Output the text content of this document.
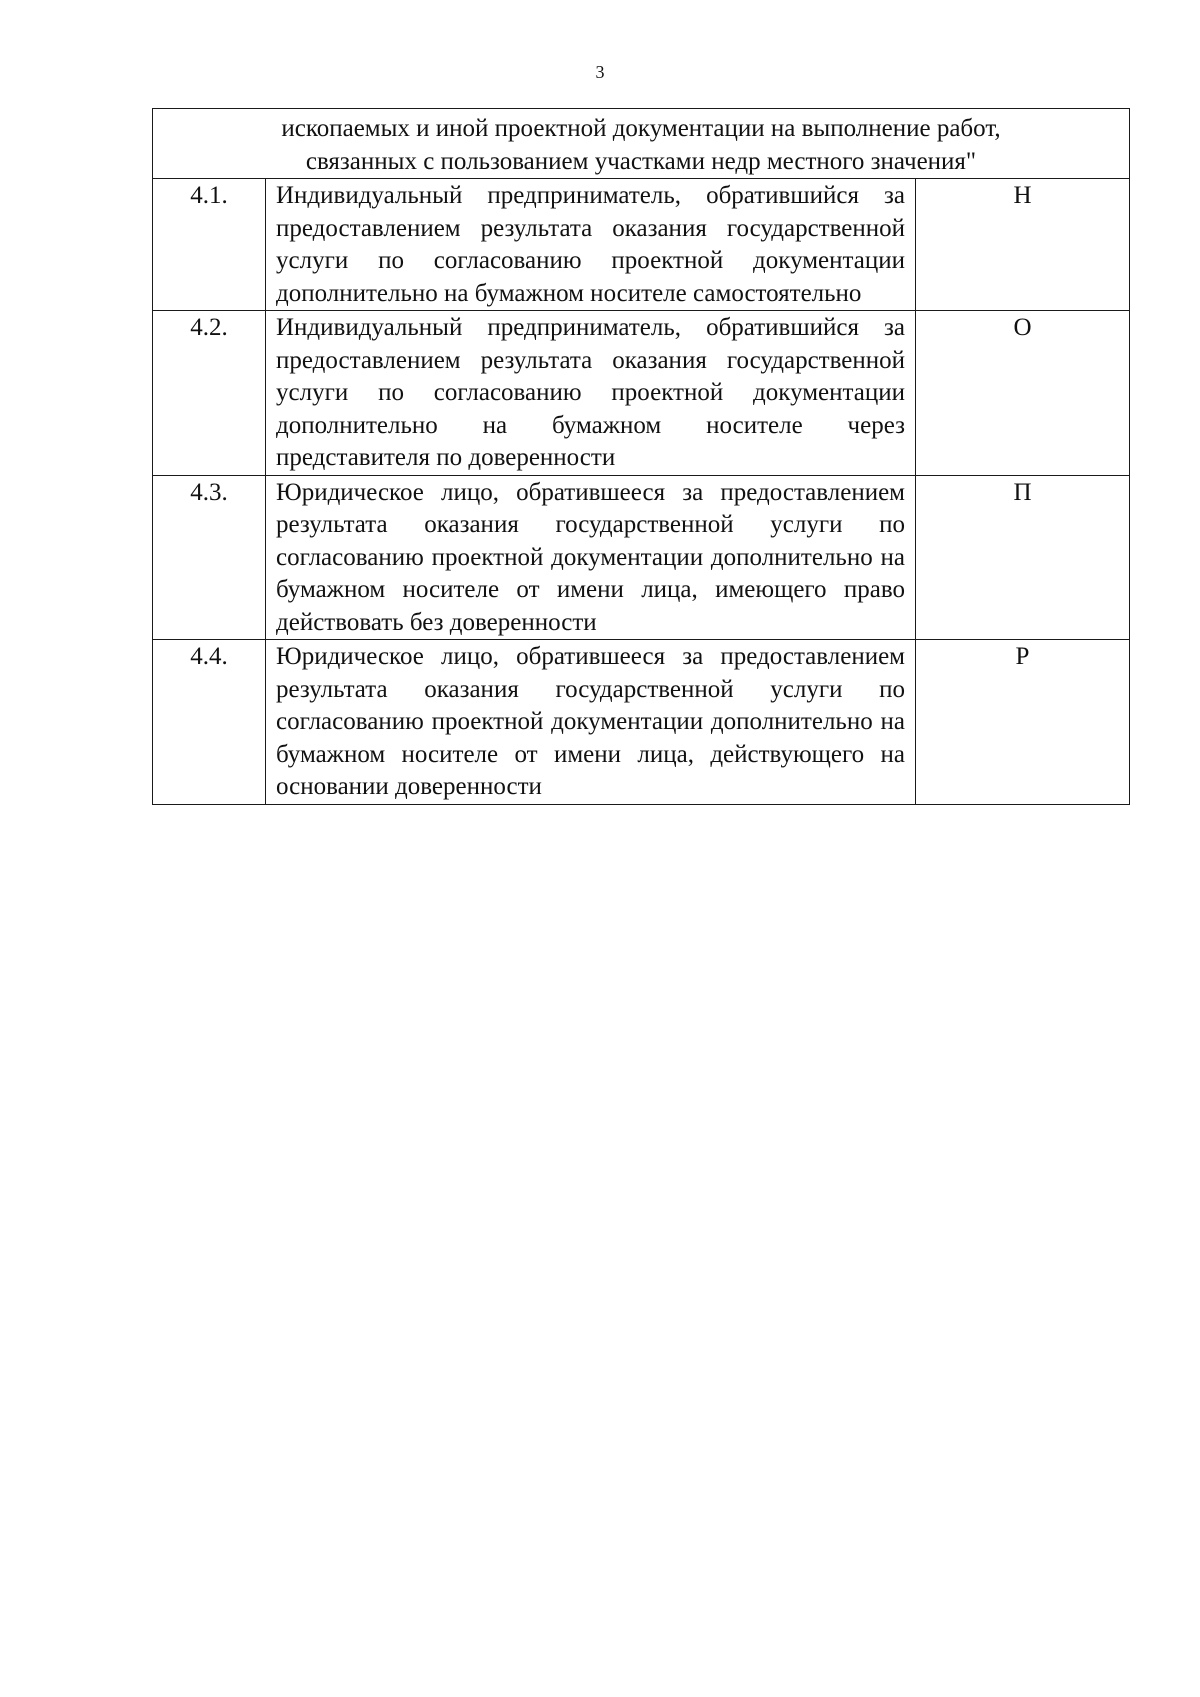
3
ископаемых и иной проектной документации на выполнение работ,
связанных с пользованием участками недр местного значения"		

4.1.	Индивидуальный предприниматель, обратившийся за предоставлением результата оказания государственной услуги по согласованию проектной документации дополнительно на бумажном носителе самостоятельно	Н
4.2.	Индивидуальный предприниматель, обратившийся за предоставлением результата оказания государственной услуги по согласованию проектной документации дополнительно на бумажном носителе через представителя по доверенности	О
4.3.	Юридическое лицо, обратившееся за предоставлением результата оказания государственной услуги по согласованию проектной документации дополнительно на бумажном носителе от имени лица, имеющего право действовать без доверенности	П
4.4.	Юридическое лицо, обратившееся за предоставлением результата оказания государственной услуги по согласованию проектной документации дополнительно на бумажном носителе от имени лица, действующего на основании доверенности	Р
